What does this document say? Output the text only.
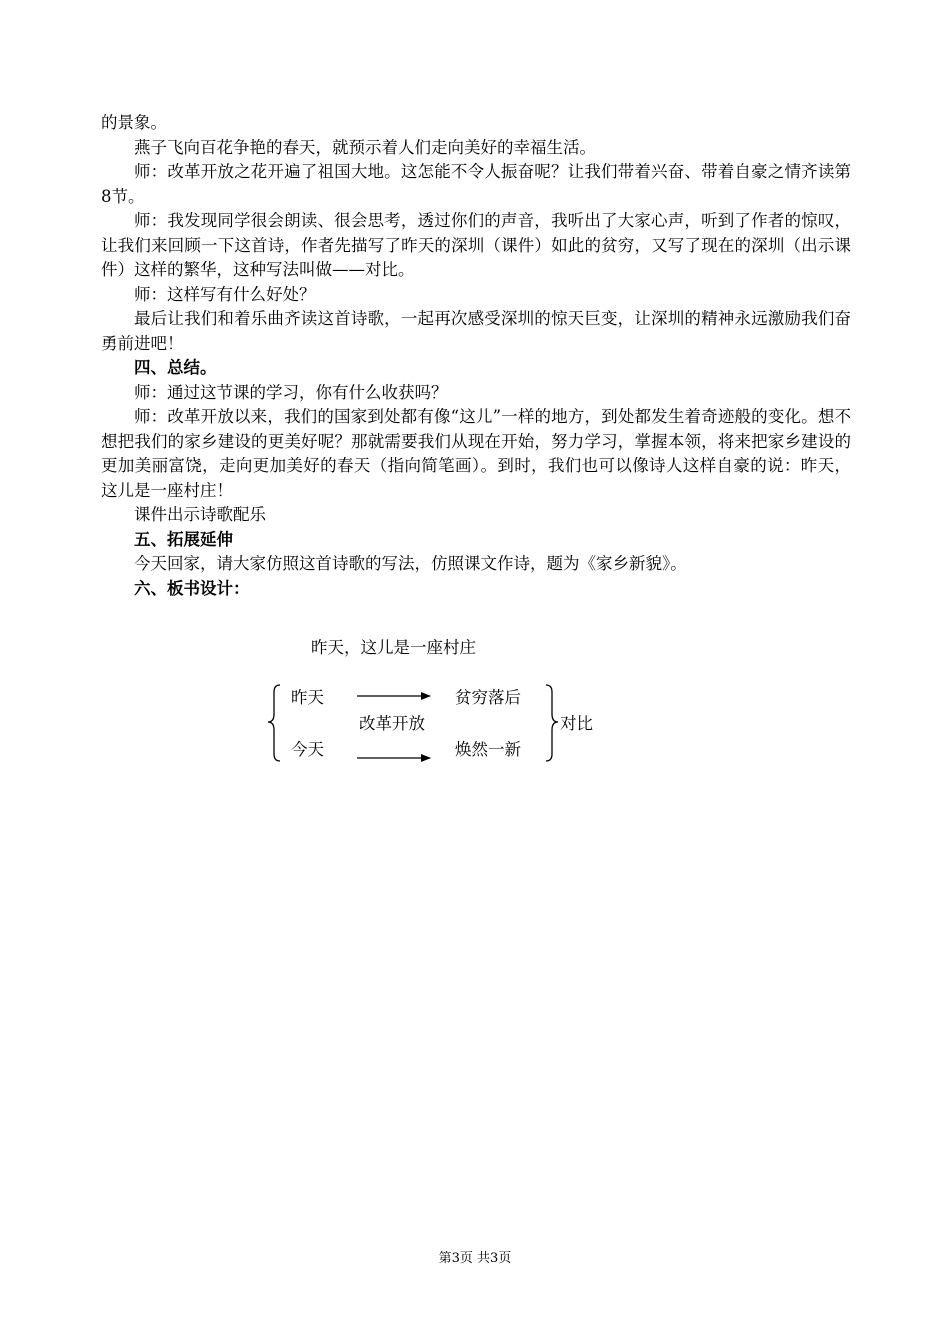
的景象。

燕子飞向百花争艳的春天，就预示着人们走向美好的幸福生活。

师：改革开放之花开遍了祖国大地。这怎能不令人振奋呢？让我们带着兴奋、带着自豪之情齐读第8节。

师：我发现同学很会朗读、很会思考，透过你们的声音，我听出了大家心声，听到了作者的惊叹，让我们来回顾一下这首诗，作者先描写了昨天的深圳（课件）如此的贫穷，又写了现在的深圳（出示课件）这样的繁华，这种写法叫做——对比。

师：这样写有什么好处？

最后让我们和着乐曲齐读这首诗歌，一起再次感受深圳的惊天巨变，让深圳的精神永远激励我们奋勇前进吧！

四、总结。

师：通过这节课的学习，你有什么收获吗？

师：改革开放以来，我们的国家到处都有像“这儿”一样的地方，到处都发生着奇迹般的变化。想不想把我们的家乡建设的更美好呢？那就需要我们从现在开始，努力学习，掌握本领，将来把家乡建设的更加美丽富饶，走向更加美好的春天（指向简笔画）。到时，我们也可以像诗人这样自豪的说：昨天，这儿是一座村庄！

课件出示诗歌配乐

五、拓展延伸

今天回家，请大家仿照这首诗歌的写法，仿照课文作诗，题为《家乡新貌》。

六、板书设计：

昨天，这儿是一座村庄
昨天
今天
改革开放
贫穷落后
焕然一新
对比
第3页 共3页
